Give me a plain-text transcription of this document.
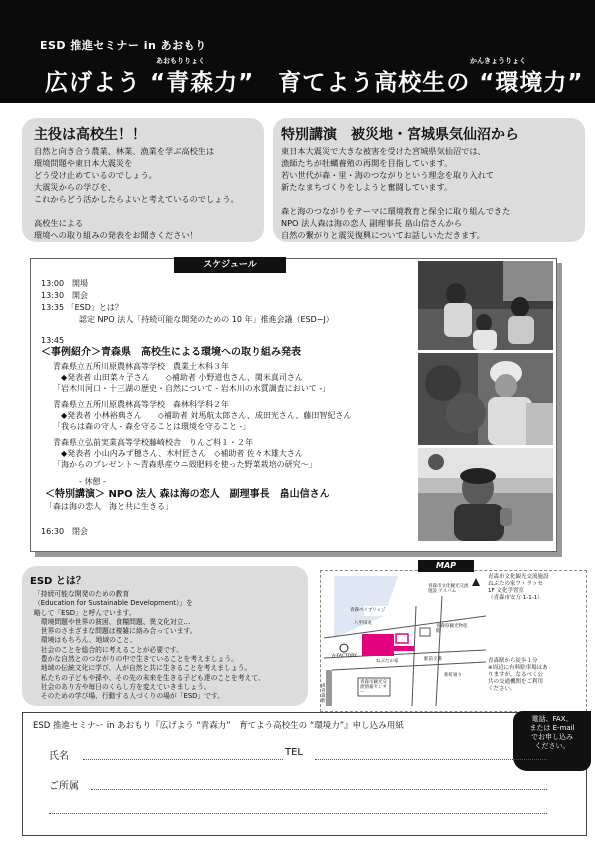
ESD 推進セミナー in あおもり
あおもりりょく	かんきょうりょく
広げよう “青森力”　育てよう高校生の “環境力”
主役は高校生！！
自然と向き合う農業、林業、漁業を学ぶ高校生は
環境問題や東日本大震災を
どう受け止めているのでしょう。
大震災からの学びを、
これからどう活かしたらよいと考えているのでしょう。

高校生による
環境への取り組みの発表をお聞きください！
特別講演　被災地・宮城県気仙沼から
東日本大震災で大きな被害を受けた宮城県気仙沼では、
漁師たちが牡蠣養殖の再開を目指しています。
若い世代が森・里・海のつながりという理念を取り入れて
新たなまちづくりをしようと奮闘しています。

森と海のつながりをテーマに環境教育と保全に取り組んできた
NPO 法人森は海の恋人 副理事長 畠山信さんから
自然の繋がりと震災復興についてお話しいただきます。
スケジュール
13:00　開場
13:30　開会
13:35 「ESD」とは？
認定 NPO 法人「持続可能な開発のための 10 年」推進会議（ESD−J）
13:45
＜事例紹介＞青森県　高校生による環境への取り組み発表
青森県立五所川原農林高等学校　農業土木科３年
◆発表者 山田菜々子さん　　◇補助者 小野道也さん、関米真司さん
「岩木川河口・十三湖の歴史・自然について - 岩木川の水質調査において -」
青森県立五所川原農林高等学校　森林科学科２年
◆発表者 小林裕典さん　　◇補助者 対馬航太郎さん、成田光さん、藤田智紀さん
「我らは森の守人 - 森を守ることは環境を守ること -」
青森県立弘前実業高等学校藤崎校舎　りんご科１・２年
◆発表者 小山内みず穂さん、木村匠さん　◇補助者 佐々木雄大さん
「海からのプレゼント〜青森県産ウニ殻肥料を使った野菜栽培の研究〜」
- 休憩 -
＜特別講演＞ NPO 法人 森は海の恋人　副理事長　畠山信さん
「森は海の恋人　海と共に生きる」
16:30　閉会
ESD とは？
「持続可能な開発のための教育
（Education for Sustainable Development）」を
略して「ESD」と呼んでいます。
　環境問題や世界の貧困、食糧問題、異文化対立…
　世界のさまざまな問題は複雑に絡み合っています。
　環境はもちろん、地域のこと、
　社会のことを総合的に考えることが必要です。
　豊かな自然とのつながりの中で生きていることを考えましょう。
　地域の伝統文化に学び、人が自然と共に生きることを考えましょう。
　私たちの子どもや孫や、その先の未来を生きる子ども達のことを考えて、
　社会のあり方や毎日のくらし方を変えていきましょう。
　そのための学び場、行動する人づくりの場が「ESD」です。
MAP
青森市文化観光交流施設 アスパム
青森ベイブリッジ
八甲田丸
A-FACTORY
青森県観光物産館
駅前交番
青森市観光交流情報センター
JR青森駅
ねぶたの家
新町通り
青森市文化観光交流施設
ねぶたの家ワ・ラッセ
1F 文化学習室
（青森市安方 1-1-1）

青森駅から徒歩１分
※周辺に有料駐車場はあ
りますが、なるべく公
共の交通機関をご利用
ください。
ESD 推進セミナー in あおもり『広げよう “青森力”　育てよう高校生の “環境力”』申し込み用紙
電話、FAX、
または E-mail
でお申し込み
ください。
氏名	TEL
ご所属
